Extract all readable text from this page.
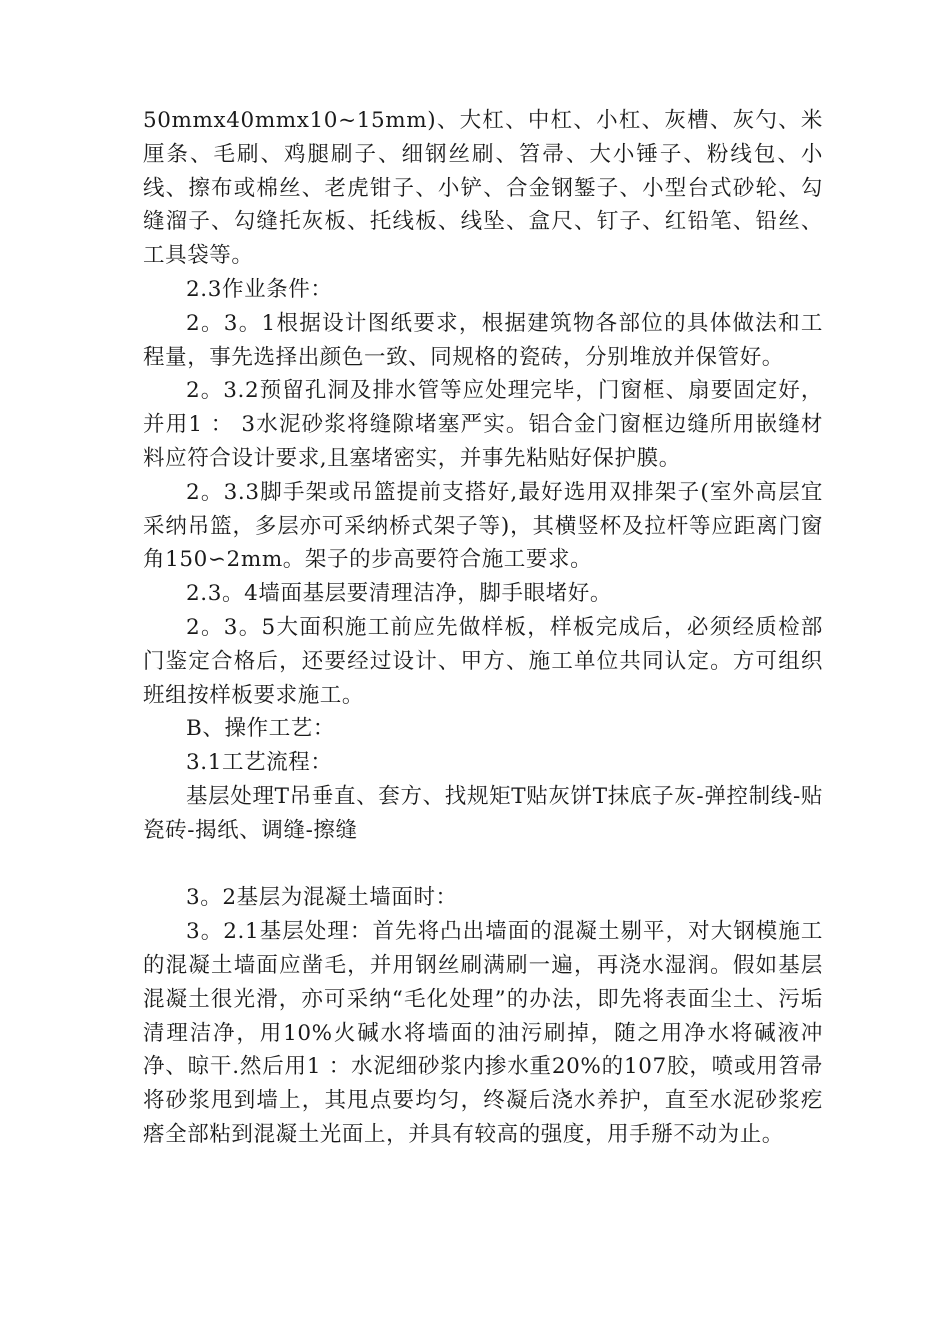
50mmx40mmx10~15mm)、大杠、中杠、小杠、灰槽、灰勺、米厘条、毛刷、鸡腿刷子、细钢丝刷、笤帚、大小锤子、粉线包、小线、擦布或棉丝、老虎钳子、小铲、合金钢錾子、小型台式砂轮、勾缝溜子、勾缝托灰板、托线板、线坠、盒尺、钉子、红铅笔、铅丝、工具袋等。

2.3作业条件：

2。3。1根据设计图纸要求，根据建筑物各部位的具体做法和工程量，事先选择出颜色一致、同规格的瓷砖，分别堆放并保管好。

2。3.2预留孔洞及排水管等应处理完毕，门窗框、扇要固定好，并用1 ： 3水泥砂浆将缝隙堵塞严实。铝合金门窗框边缝所用嵌缝材料应符合设计要求,且塞堵密实，并事先粘贴好保护膜。

2。3.3脚手架或吊篮提前支搭好,最好选用双排架子(室外高层宜采纳吊篮，多层亦可采纳桥式架子等)，其横竖杯及拉杆等应距离门窗角150∽2mm。架子的步高要符合施工要求。

2.3。4墙面基层要清理洁净，脚手眼堵好。

2。3。5大面积施工前应先做样板，样板完成后，必须经质检部门鉴定合格后，还要经过设计、甲方、施工单位共同认定。方可组织班组按样板要求施工。

B、操作工艺：

3.1工艺流程：

基层处理T吊垂直、套方、找规矩T贴灰饼T抹底子灰-弹控制线-贴瓷砖-揭纸、调缝-擦缝

3。2基层为混凝土墙面时：

3。2.1基层处理：首先将凸出墙面的混凝土剔平，对大钢模施工的混凝土墙面应凿毛，并用钢丝刷满刷一遍，再浇水湿润。假如基层混凝土很光滑，亦可采纳“毛化处理”的办法，即先将表面尘土、污垢清理洁净，用10%火碱水将墙面的油污刷掉，随之用净水将碱液冲净、晾干.然后用1 ：水泥细砂浆内掺水重20%的107胶，喷或用笤帚将砂浆甩到墙上，其甩点要均匀，终凝后浇水养护，直至水泥砂浆疙瘩全部粘到混凝土光面上，并具有较高的强度，用手掰不动为止。
